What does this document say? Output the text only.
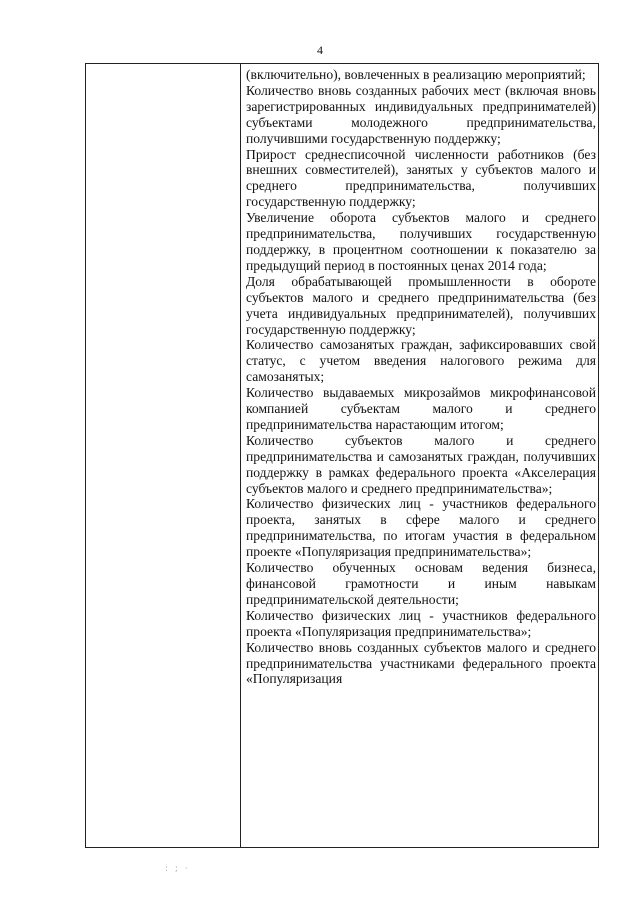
4

(включительно), вовлеченных в реализацию мероприятий;

Количество вновь созданных рабочих мест (включая вновь зарегистрированных индивидуальных предпринимателей) субъектами молодежного предпринимательства, получившими государственную поддержку;

Прирост среднесписочной численности работников (без внешних совместителей), занятых у субъектов малого и среднего предпринимательства, получивших государственную поддержку;

Увеличение оборота субъектов малого и среднего предпринимательства, получивших государственную поддержку, в процентном соотношении к показателю за предыдущий период в постоянных ценах 2014 года;

Доля обрабатывающей промышленности в обороте субъектов малого и среднего предпринимательства (без учета индивидуальных предпринимателей), получивших государственную поддержку;

Количество самозанятых граждан, зафиксировавших свой статус, с учетом введения налогового режима для самозанятых;

Количество выдаваемых микрозаймов микрофинансовой компанией субъектам малого и среднего предпринимательства нарастающим итогом;

Количество субъектов малого и среднего предпринимательства и самозанятых граждан, получивших поддержку в рамках федерального проекта «Акселерация субъектов малого и среднего предпринимательства»;

Количество физических лиц - участников федерального проекта, занятых в сфере малого и среднего предпринимательства, по итогам участия в федеральном проекте «Популяризация предпринимательства»;

Количество обученных основам ведения бизнеса, финансовой грамотности и иным навыкам предпринимательской деятельности;

Количество физических лиц - участников федерального проекта «Популяризация предпринимательства»;

Количество вновь созданных субъектов малого и среднего предпринимательства участниками федерального проекта «Популяризация

: ; ·
